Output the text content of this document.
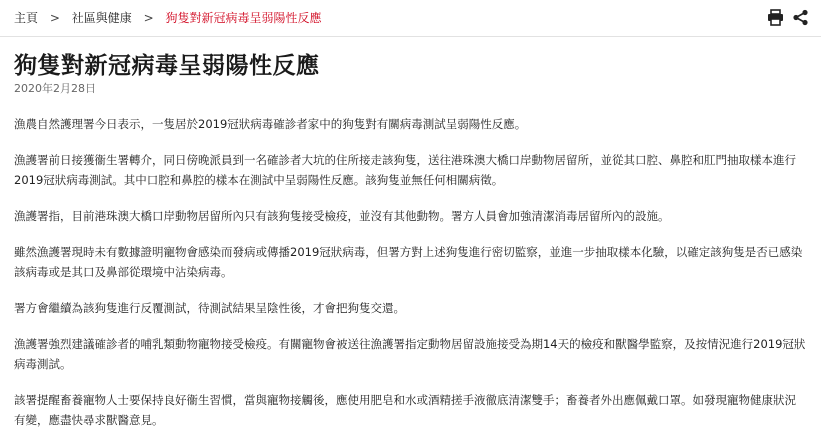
主頁 > 社區與健康 > 狗隻對新冠病毒呈弱陽性反應
狗隻對新冠病毒呈弱陽性反應
2020年2月28日

漁農自然護理署今日表示，一隻居於2019冠狀病毒確診者家中的狗隻對有關病毒測試呈弱陽性反應。

漁護署前日接獲衞生署轉介，同日傍晚派員到一名確診者大坑的住所接走該狗隻，送往港珠澳大橋口岸動物居留所，並從其口腔、鼻腔和肛門抽取樣本進行2019冠狀病毒測試。其中口腔和鼻腔的樣本在測試中呈弱陽性反應。該狗隻並無任何相關病徵。

漁護署指，目前港珠澳大橋口岸動物居留所內只有該狗隻接受檢疫，並沒有其他動物。署方人員會加強清潔消毒居留所內的設施。

雖然漁護署現時未有數據證明寵物會感染而發病或傳播2019冠狀病毒，但署方對上述狗隻進行密切監察，並進一步抽取樣本化驗，以確定該狗隻是否已感染該病毒或是其口及鼻部從環境中沾染病毒。

署方會繼續為該狗隻進行反覆測試，待測試結果呈陰性後，才會把狗隻交還。

漁護署強烈建議確診者的哺乳類動物寵物接受檢疫。有關寵物會被送往漁護署指定動物居留設施接受為期14天的檢疫和獸醫學監察，及按情況進行2019冠狀病毒測試。

該署提醒畜養寵物人士要保持良好衞生習慣，當與寵物接觸後，應使用肥皂和水或酒精搓手液徹底清潔雙手；畜養者外出應佩戴口罩。如發現寵物健康狀況有變，應盡快尋求獸醫意見。
